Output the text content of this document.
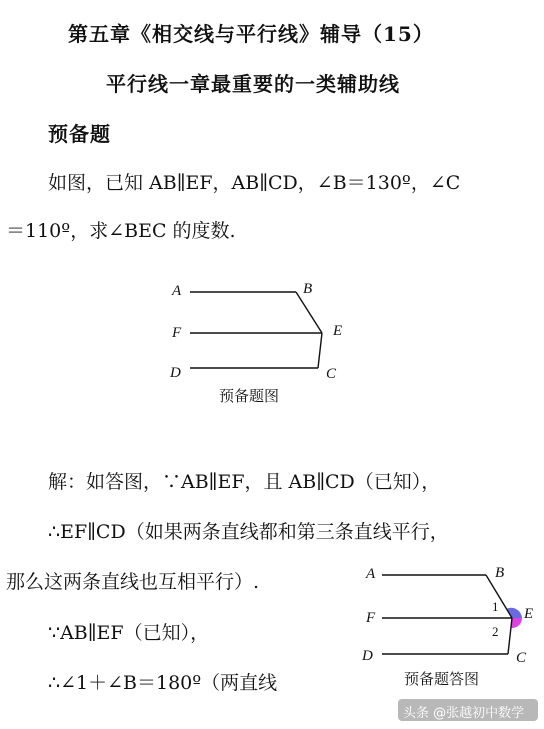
第五章《相交线与平行线》辅导（15）
平行线一章最重要的一类辅助线
预备题
如图，已知 AB∥EF，AB∥CD，∠B＝130º，∠C
＝110º，求∠BEC 的度数.
A	B
F	E
D	C
预备题图
解：如答图，∵AB∥EF，且 AB∥CD（已知），
∴EF∥CD（如果两条直线都和第三条直线平行，
那么这两条直线也互相平行）.
∵AB∥EF（已知），
∴∠1＋∠B＝180º（两直线
A	B
F	E
D	C
1
2
预备题答图
头条 @张越初中数学
